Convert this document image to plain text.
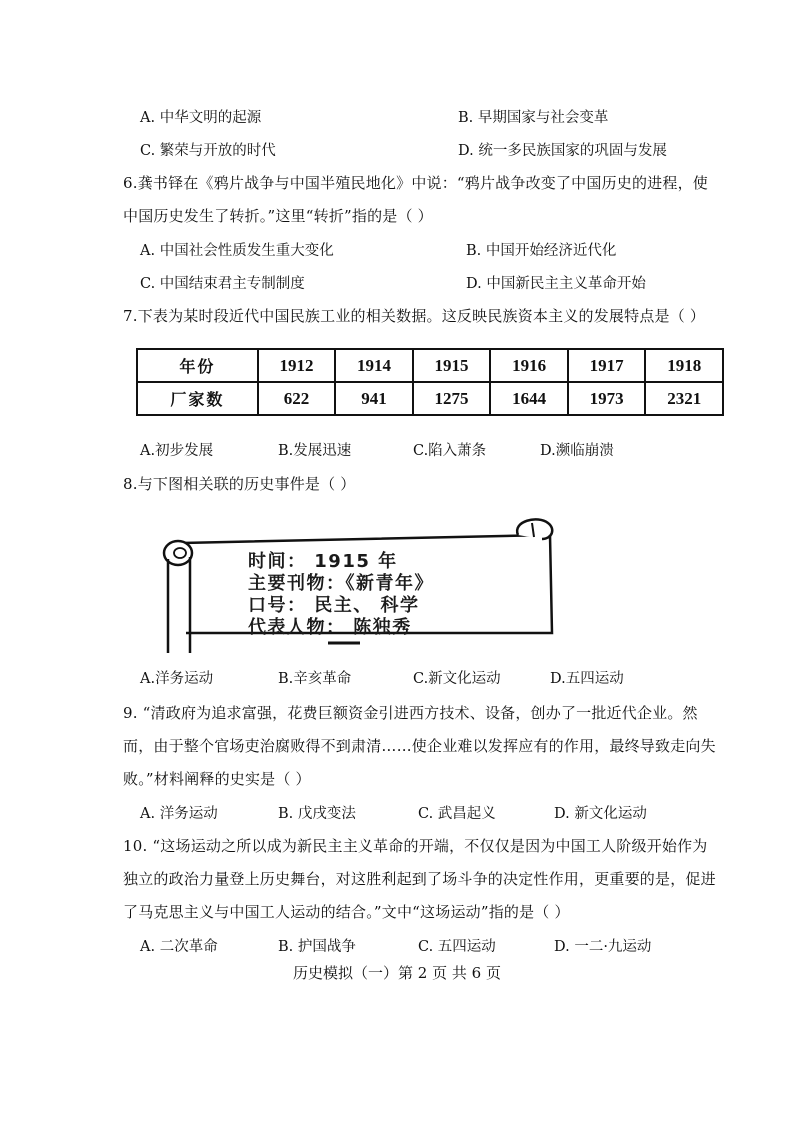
A. 中华文明的起源	B. 早期国家与社会变革
C. 繁荣与开放的时代	D. 统一多民族国家的巩固与发展
6.龚书铎在《鸦片战争与中国半殖民地化》中说：“鸦片战争改变了中国历史的进程，使
中国历史发生了转折。”这里“转折”指的是（ ）
A. 中国社会性质发生重大变化	B. 中国开始经济近代化
C. 中国结束君主专制制度	D. 中国新民主主义革命开始
7.下表为某时段近代中国民族工业的相关数据。这反映民族资本主义的发展特点是（ ）
年份	1912	1914	1915	1916	1917	1918
厂家数	622	941	1275	1644	1973	2321
A.初步发展	B.发展迅速	C.陷入萧条	D.濒临崩溃
8.与下图相关联的历史事件是（ ）
时间： 1915 年
主要刊物：《新青年》
口号： 民主、 科学
代表人物： 陈独秀
A.洋务运动	B.辛亥革命	C.新文化运动	D.五四运动
9. “清政府为追求富强，花费巨额资金引进西方技术、设备，创办了一批近代企业。然
而，由于整个官场吏治腐败得不到肃清……使企业难以发挥应有的作用，最终导致走向失
败。”材料阐释的史实是（ ）
A. 洋务运动	B. 戊戌变法	C. 武昌起义	D. 新文化运动
10. “这场运动之所以成为新民主主义革命的开端，不仅仅是因为中国工人阶级开始作为
独立的政治力量登上历史舞台，对这胜利起到了场斗争的决定性作用，更重要的是，促进
了马克思主义与中国工人运动的结合。”文中“这场运动”指的是（ ）
A. 二次革命	B. 护国战争	C. 五四运动	D. 一二·九运动
历史模拟（一）第 2 页 共 6 页
